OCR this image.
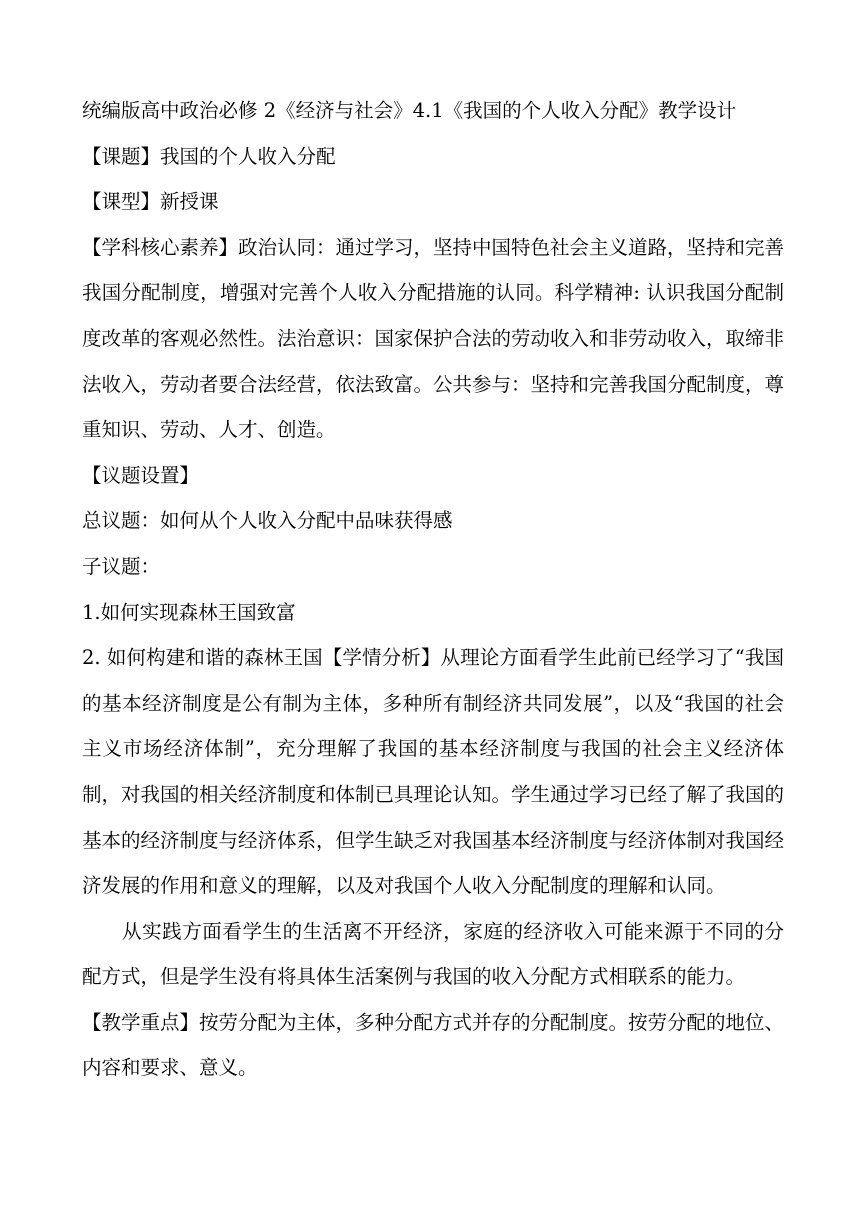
统编版高中政治必修 2《经济与社会》4.1《我国的个人收入分配》教学设计
【课题】我国的个人收入分配
【课型】新授课

【学科核心素养】政治认同：通过学习，坚持中国特色社会主义道路，坚持和完善我国分配制度，增强对完善个人收入分配措施的认同。科学精神: 认识我国分配制度改革的客观必然性。法治意识：国家保护合法的劳动收入和非劳动收入，取缔非法收入，劳动者要合法经营，依法致富。公共参与：坚持和完善我国分配制度，尊重知识、劳动、人才、创造。

【议题设置】
总议题：如何从个人收入分配中品味获得感
子议题：
1.如何实现森林王国致富

2. 如何构建和谐的森林王国【学情分析】从理论方面看学生此前已经学习了“我国的基本经济制度是公有制为主体，多种所有制经济共同发展”，以及“我国的社会主义市场经济体制”，充分理解了我国的基本经济制度与我国的社会主义经济体制，对我国的相关经济制度和体制已具理论认知。学生通过学习已经了解了我国的基本的经济制度与经济体系，但学生缺乏对我国基本经济制度与经济体制对我国经济发展的作用和意义的理解，以及对我国个人收入分配制度的理解和认同。

从实践方面看学生的生活离不开经济，家庭的经济收入可能来源于不同的分配方式，但是学生没有将具体生活案例与我国的收入分配方式相联系的能力。

【教学重点】按劳分配为主体，多种分配方式并存的分配制度。按劳分配的地位、内容和要求、意义。
